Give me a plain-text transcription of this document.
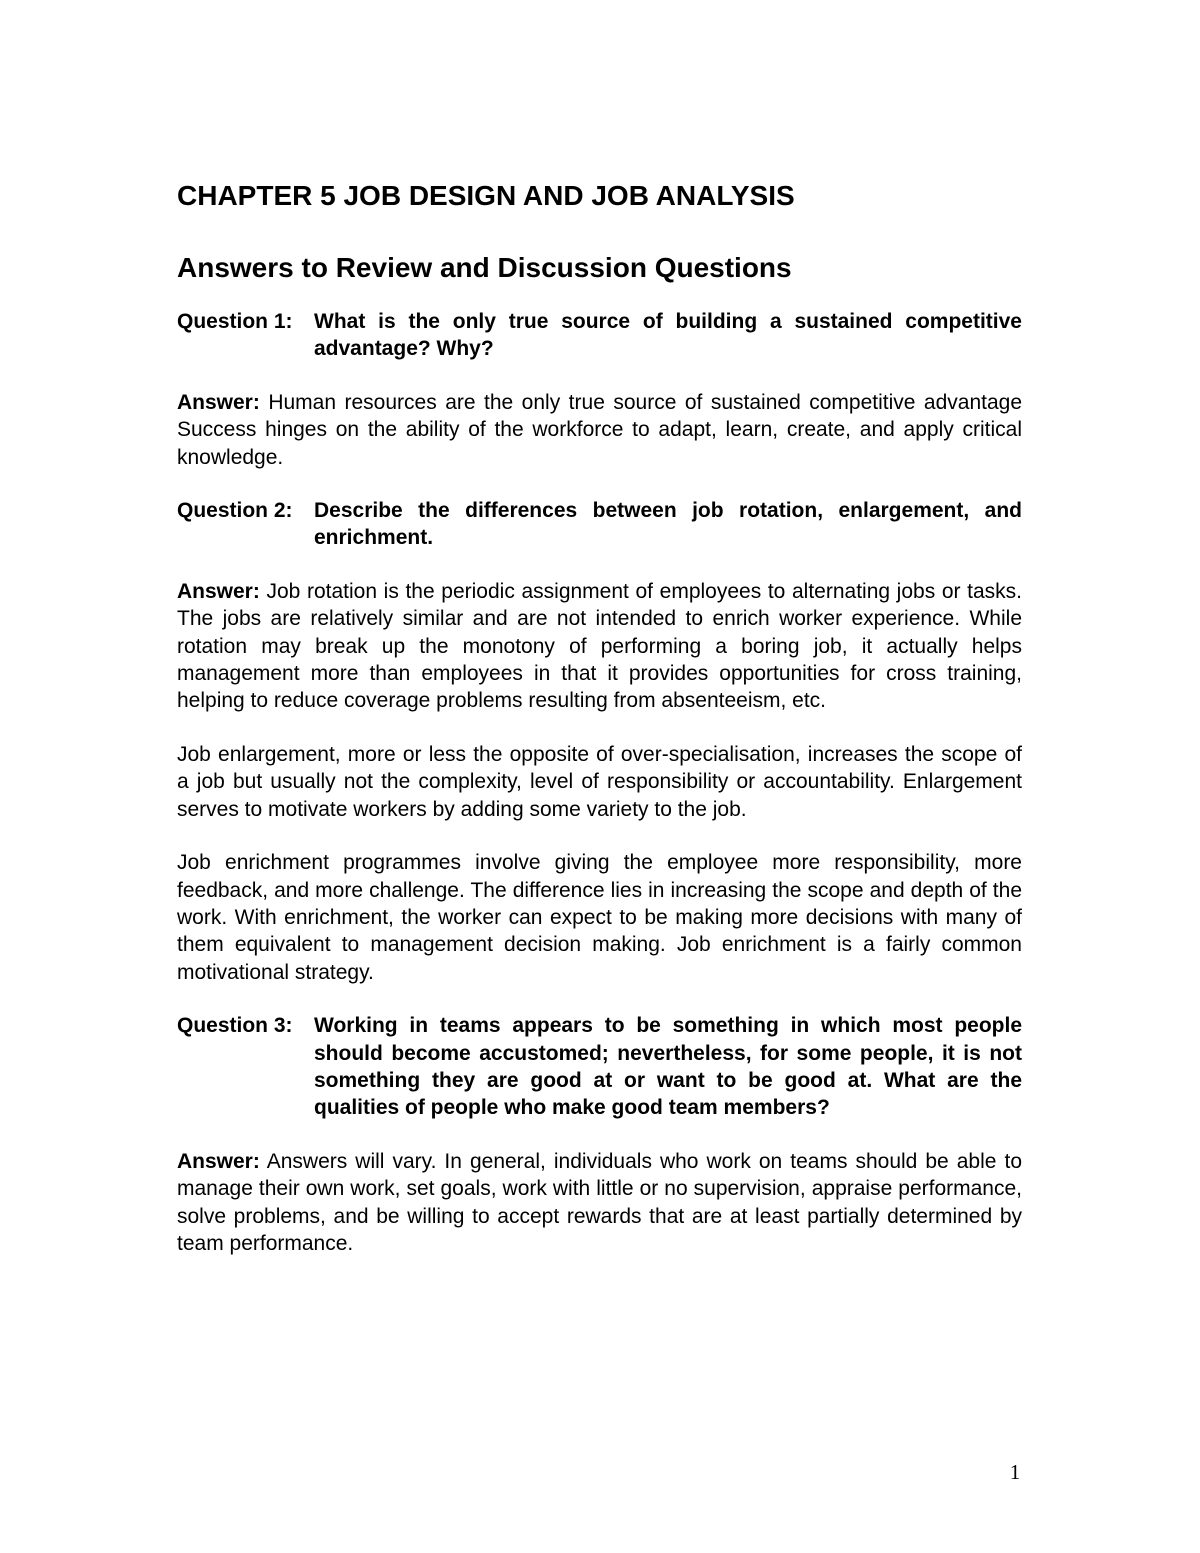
CHAPTER 5 JOB DESIGN AND JOB ANALYSIS
Answers to Review and Discussion Questions
Question 1:	What is the only true source of building a sustained competitive advantage? Why?

Answer: Human resources are the only true source of sustained competitive advantage Success hinges on the ability of the workforce to adapt, learn, create, and apply critical knowledge.

Question 2:	Describe the differences between job rotation, enlargement, and enrichment.

Answer: Job rotation is the periodic assignment of employees to alternating jobs or tasks. The jobs are relatively similar and are not intended to enrich worker experience. While rotation may break up the monotony of performing a boring job, it actually helps management more than employees in that it provides opportunities for cross training, helping to reduce coverage problems resulting from absenteeism, etc.

Job enlargement, more or less the opposite of over-specialisation, increases the scope of a job but usually not the complexity, level of responsibility or accountability. Enlargement serves to motivate workers by adding some variety to the job.

Job enrichment programmes involve giving the employee more responsibility, more feedback, and more challenge. The difference lies in increasing the scope and depth of the work. With enrichment, the worker can expect to be making more decisions with many of them equivalent to management decision making. Job enrichment is a fairly common motivational strategy.

Question 3:	Working in teams appears to be something in which most people should become accustomed; nevertheless, for some people, it is not something they are good at or want to be good at. What are the qualities of people who make good team members?

Answer: Answers will vary. In general, individuals who work on teams should be able to manage their own work, set goals, work with little or no supervision, appraise performance, solve problems, and be willing to accept rewards that are at least partially determined by team performance.

1
